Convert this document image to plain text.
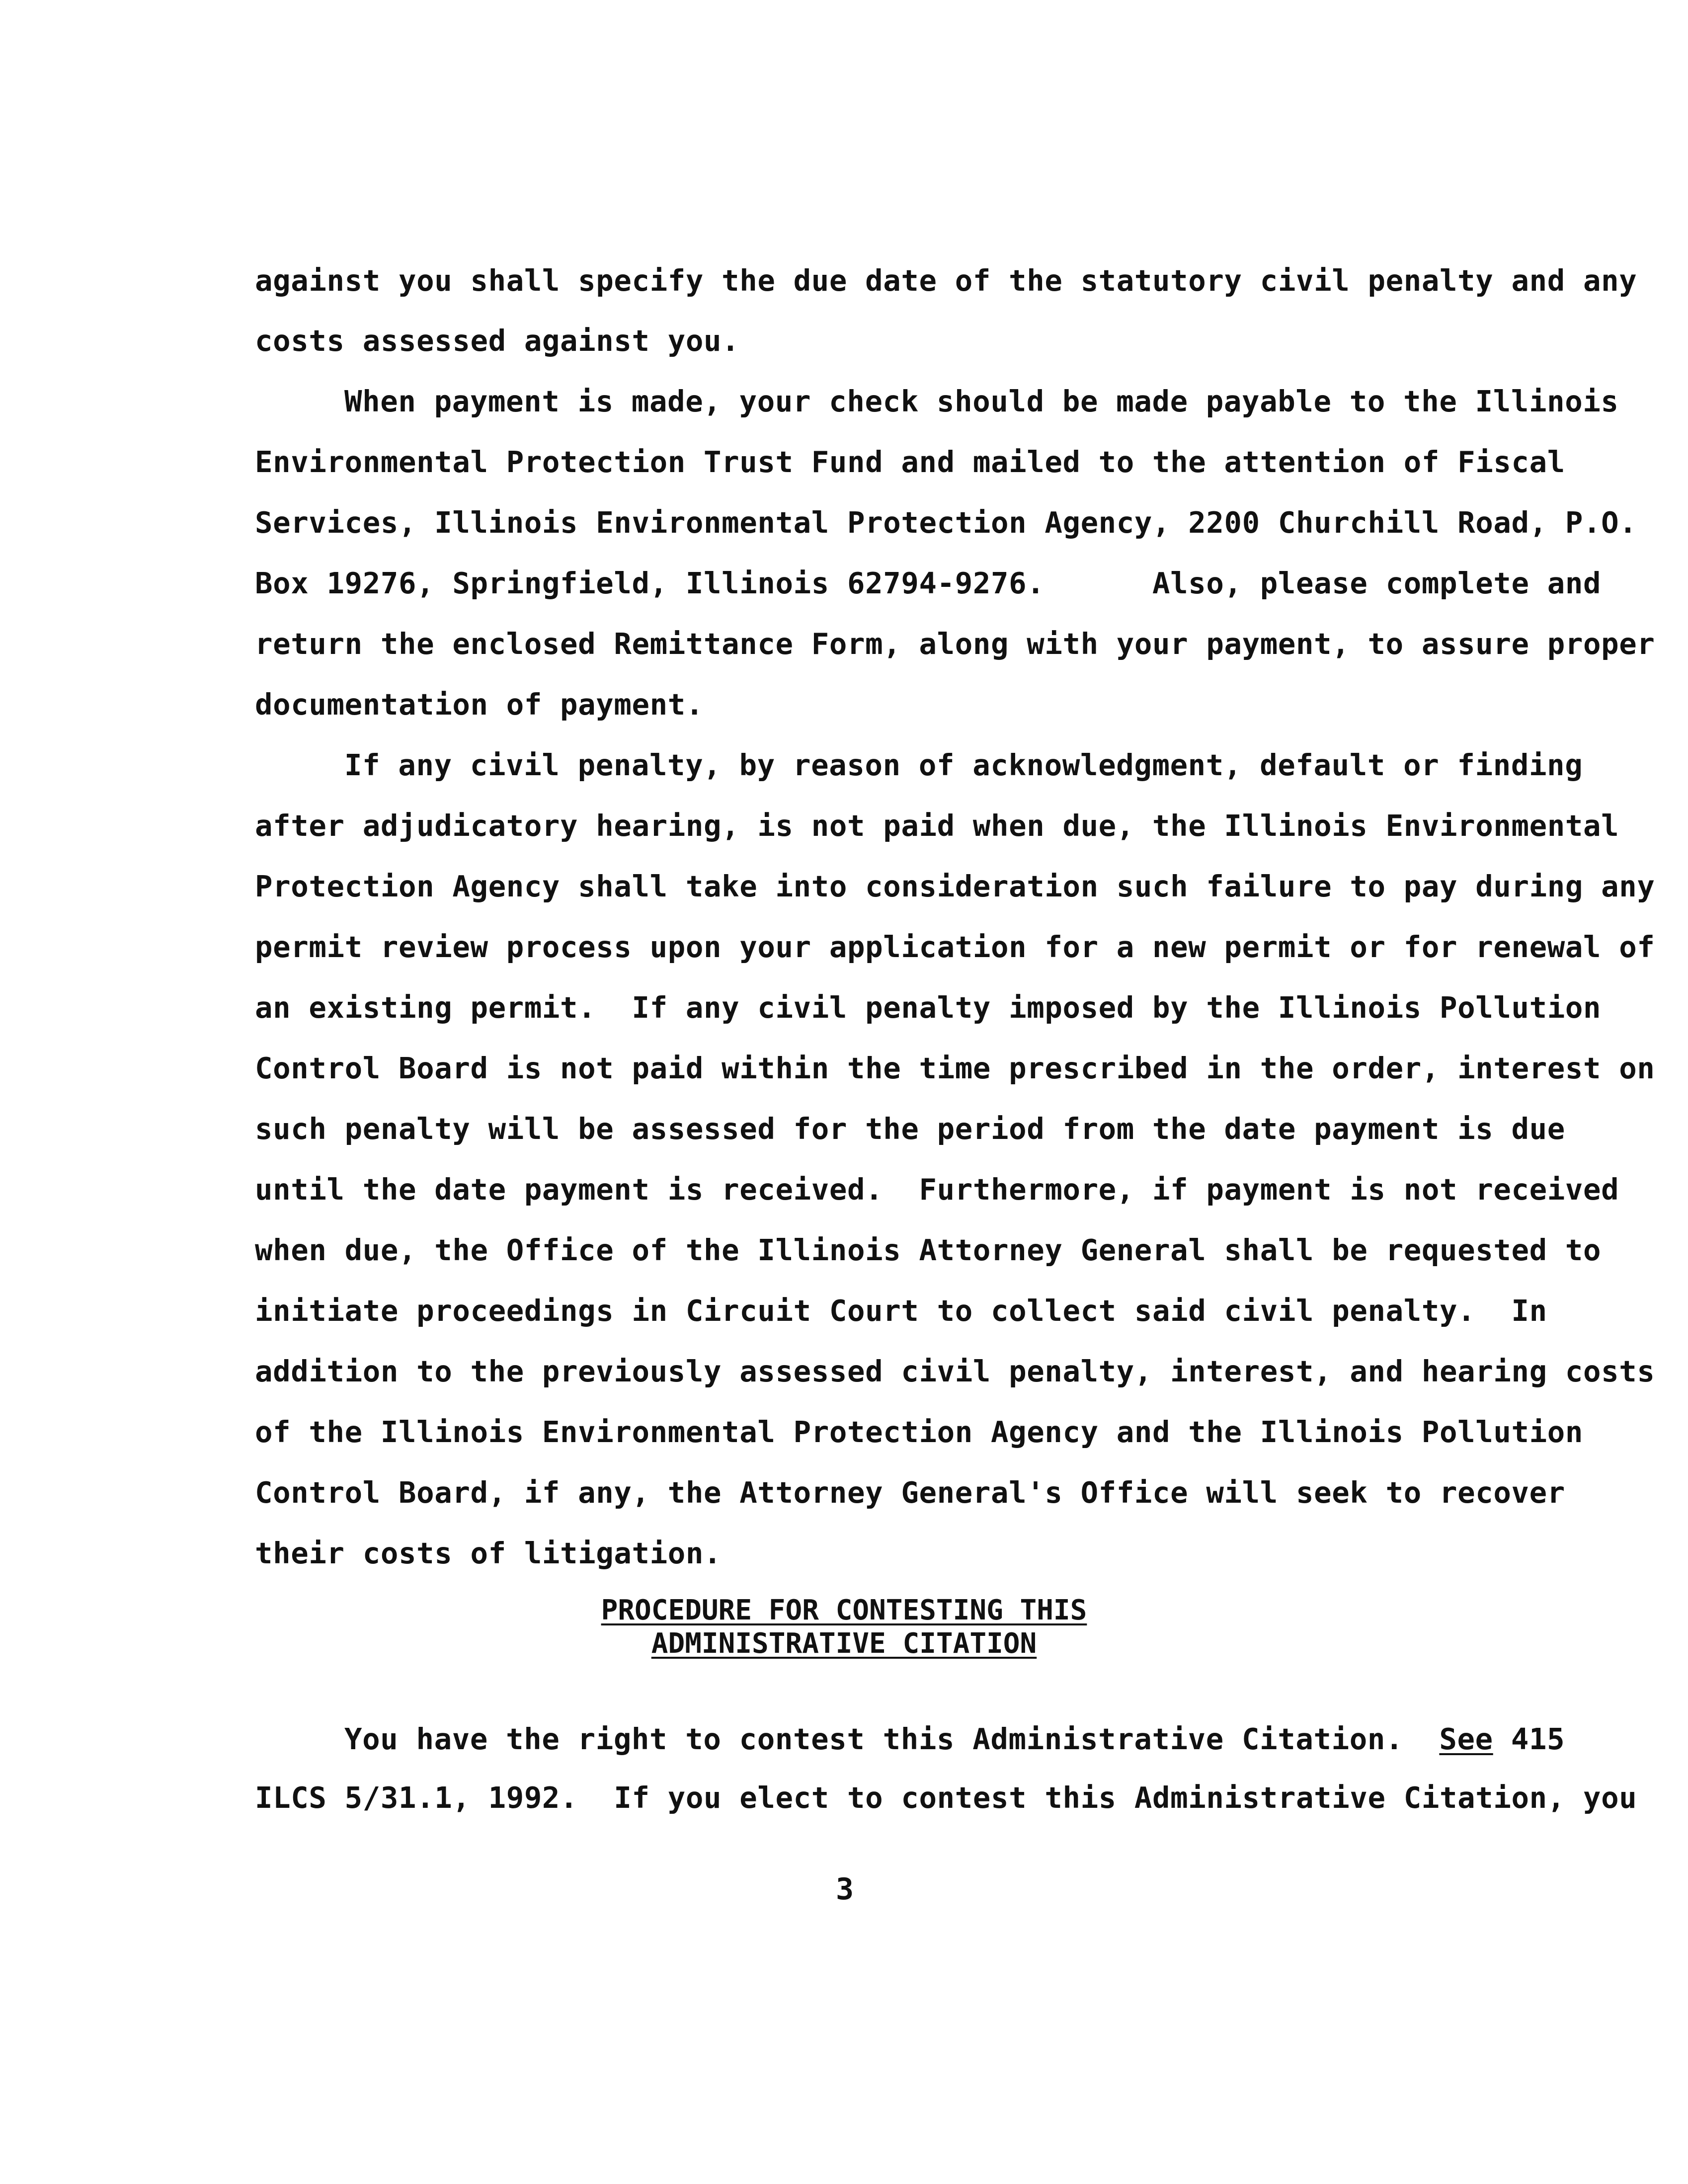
against you shall specify the due date of the statutory civil penalty and any
costs assessed against you.
When payment is made, your check should be made payable to the Illinois
Environmental Protection Trust Fund and mailed to the attention of Fiscal
Services, Illinois Environmental Protection Agency, 2200 Churchill Road, P.O.
Box 19276, Springfield, Illinois 62794-9276.      Also, please complete and
return the enclosed Remittance Form, along with your payment, to assure proper
documentation of payment.
If any civil penalty, by reason of acknowledgment, default or finding
after adjudicatory hearing, is not paid when due, the Illinois Environmental
Protection Agency shall take into consideration such failure to pay during any
permit review process upon your application for a new permit or for renewal of
an existing permit.  If any civil penalty imposed by the Illinois Pollution
Control Board is not paid within the time prescribed in the order, interest on
such penalty will be assessed for the period from the date payment is due
until the date payment is received.  Furthermore, if payment is not received
when due, the Office of the Illinois Attorney General shall be requested to
initiate proceedings in Circuit Court to collect said civil penalty.  In
addition to the previously assessed civil penalty, interest, and hearing costs
of the Illinois Environmental Protection Agency and the Illinois Pollution
Control Board, if any, the Attorney General's Office will seek to recover
their costs of litigation.
PROCEDURE FOR CONTESTING THIS
ADMINISTRATIVE CITATION
You have the right to contest this Administrative Citation.  See 415
ILCS 5/31.1, 1992.  If you elect to contest this Administrative Citation, you
3
